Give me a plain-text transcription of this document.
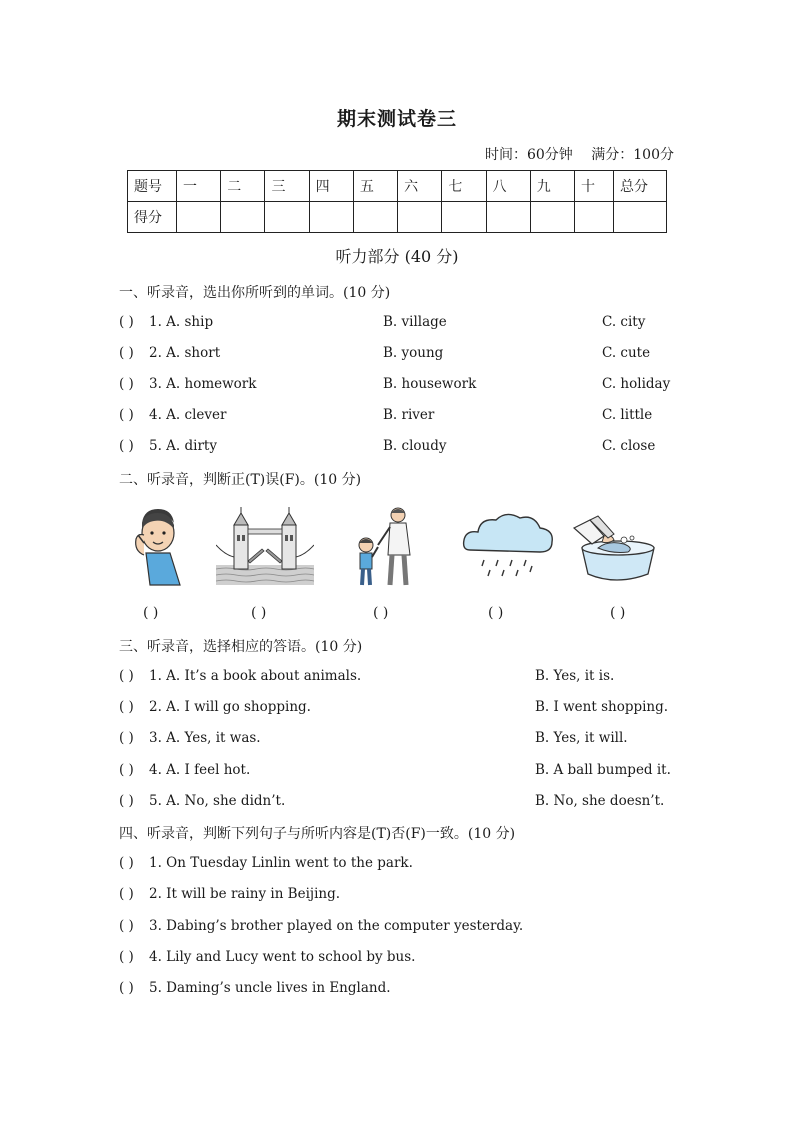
期末测试卷三
时间：60分钟 满分：100分
题号	一	二	三	四	五	六	七	八	九	十	总分
得分											
听力部分 (40 分)
一、听录音，选出你所听到的单词。(10 分)
( ) 1. A. ship	B. village	C. city
( ) 2. A. short	B. young	C. cute
( ) 3. A. homework	B. housework	C. holiday
( ) 4. A. clever	B. river	C. little
( ) 5. A. dirty	B. cloudy	C. close
二、听录音，判断正(T)误(F)。(10 分)
( )	( )	( )	( )	( )
三、听录音，选择相应的答语。(10 分)
( ) 1. A. It’s a book about animals.	B. Yes, it is.
( ) 2. A. I will go shopping.	B. I went shopping.
( ) 3. A. Yes, it was.	B. Yes, it will.
( ) 4. A. I feel hot.	B. A ball bumped it.
( ) 5. A. No, she didn’t.	B. No, she doesn’t.
四、听录音，判断下列句子与所听内容是(T)否(F)一致。(10 分)
( ) 1. On Tuesday Linlin went to the park.
( ) 2. It will be rainy in Beijing.
( ) 3. Dabing’s brother played on the computer yesterday.
( ) 4. Lily and Lucy went to school by bus.
( ) 5. Daming’s uncle lives in England.
